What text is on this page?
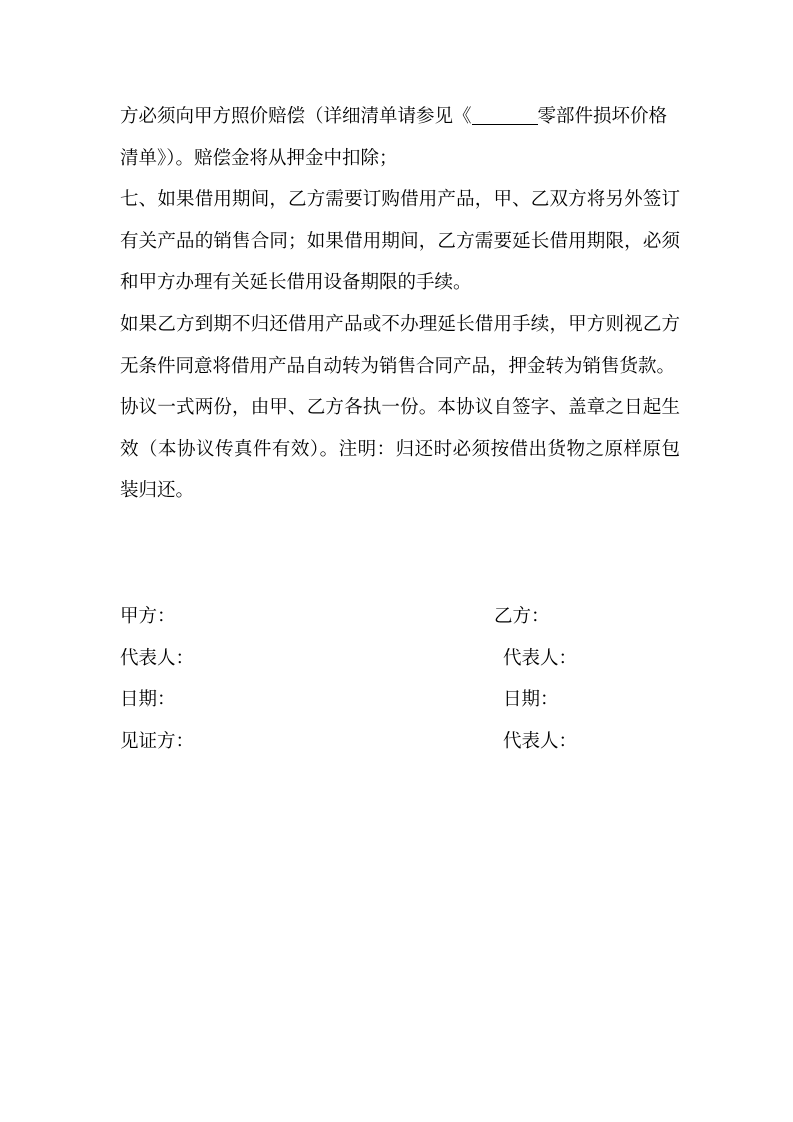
方必须向甲方照价赔偿（详细清单请参见《	零部件损坏价格
清单》）。赔偿金将从押金中扣除；

七、如果借用期间，乙方需要订购借用产品，甲、乙双方将另外签订有关产品的销售合同；如果借用期间，乙方需要延长借用期限，必须和甲方办理有关延长借用设备期限的手续。

如果乙方到期不归还借用产品或不办理延长借用手续，甲方则视乙方无条件同意将借用产品自动转为销售合同产品，押金转为销售货款。

协议一式两份，由甲、乙方各执一份。本协议自签字、盖章之日起生效（本协议传真件有效）。注明：归还时必须按借出货物之原样原包装归还。

甲方：	乙方：
代表人：	代表人：
日期：	日期：
见证方：	代表人：
